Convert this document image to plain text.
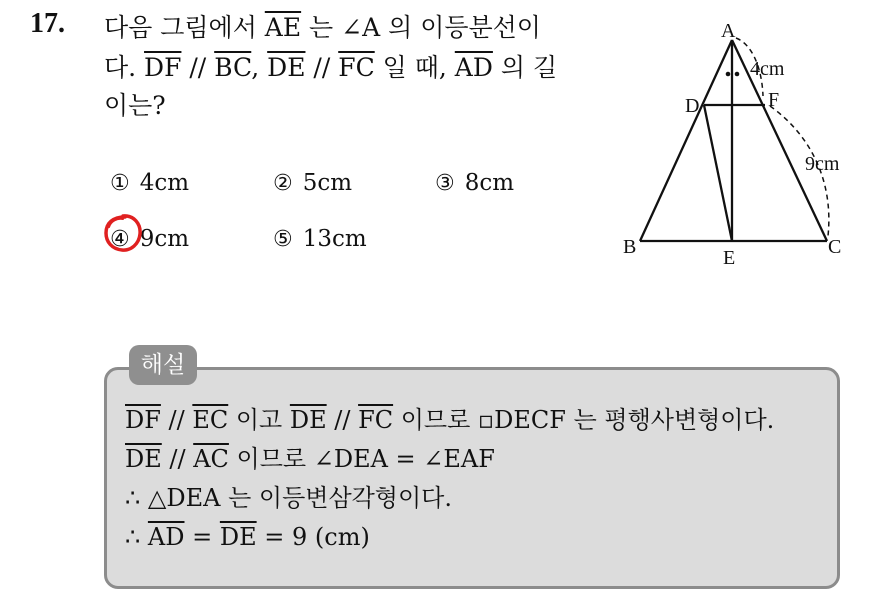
17. 다음 그림에서 $\overline{AE}$ 는 ∠A 의 이등분선이
다. $\overline{DF} // \overline{BC}$, $\overline{DE} // \overline{FC}$ 일 때, $\overline{AD}$ 의 길
이는?
① 4cm	② 5cm	③ 8cm
④ 9cm	⑤ 13cm
A
B	C
D
E
F
4cm
9cm
해설
$\overline{DF} // \overline{EC}$ 이고 $\overline{DE} // \overline{FC}$ 이므로 ▫DECF 는 평행사변형이다.
$\overline{DE} // \overline{AC}$ 이므로 ∠DEA = ∠EAF
∴ △DEA 는 이등변삼각형이다.
∴ $\overline{AD} = \overline{DE} = 9$ (cm)
